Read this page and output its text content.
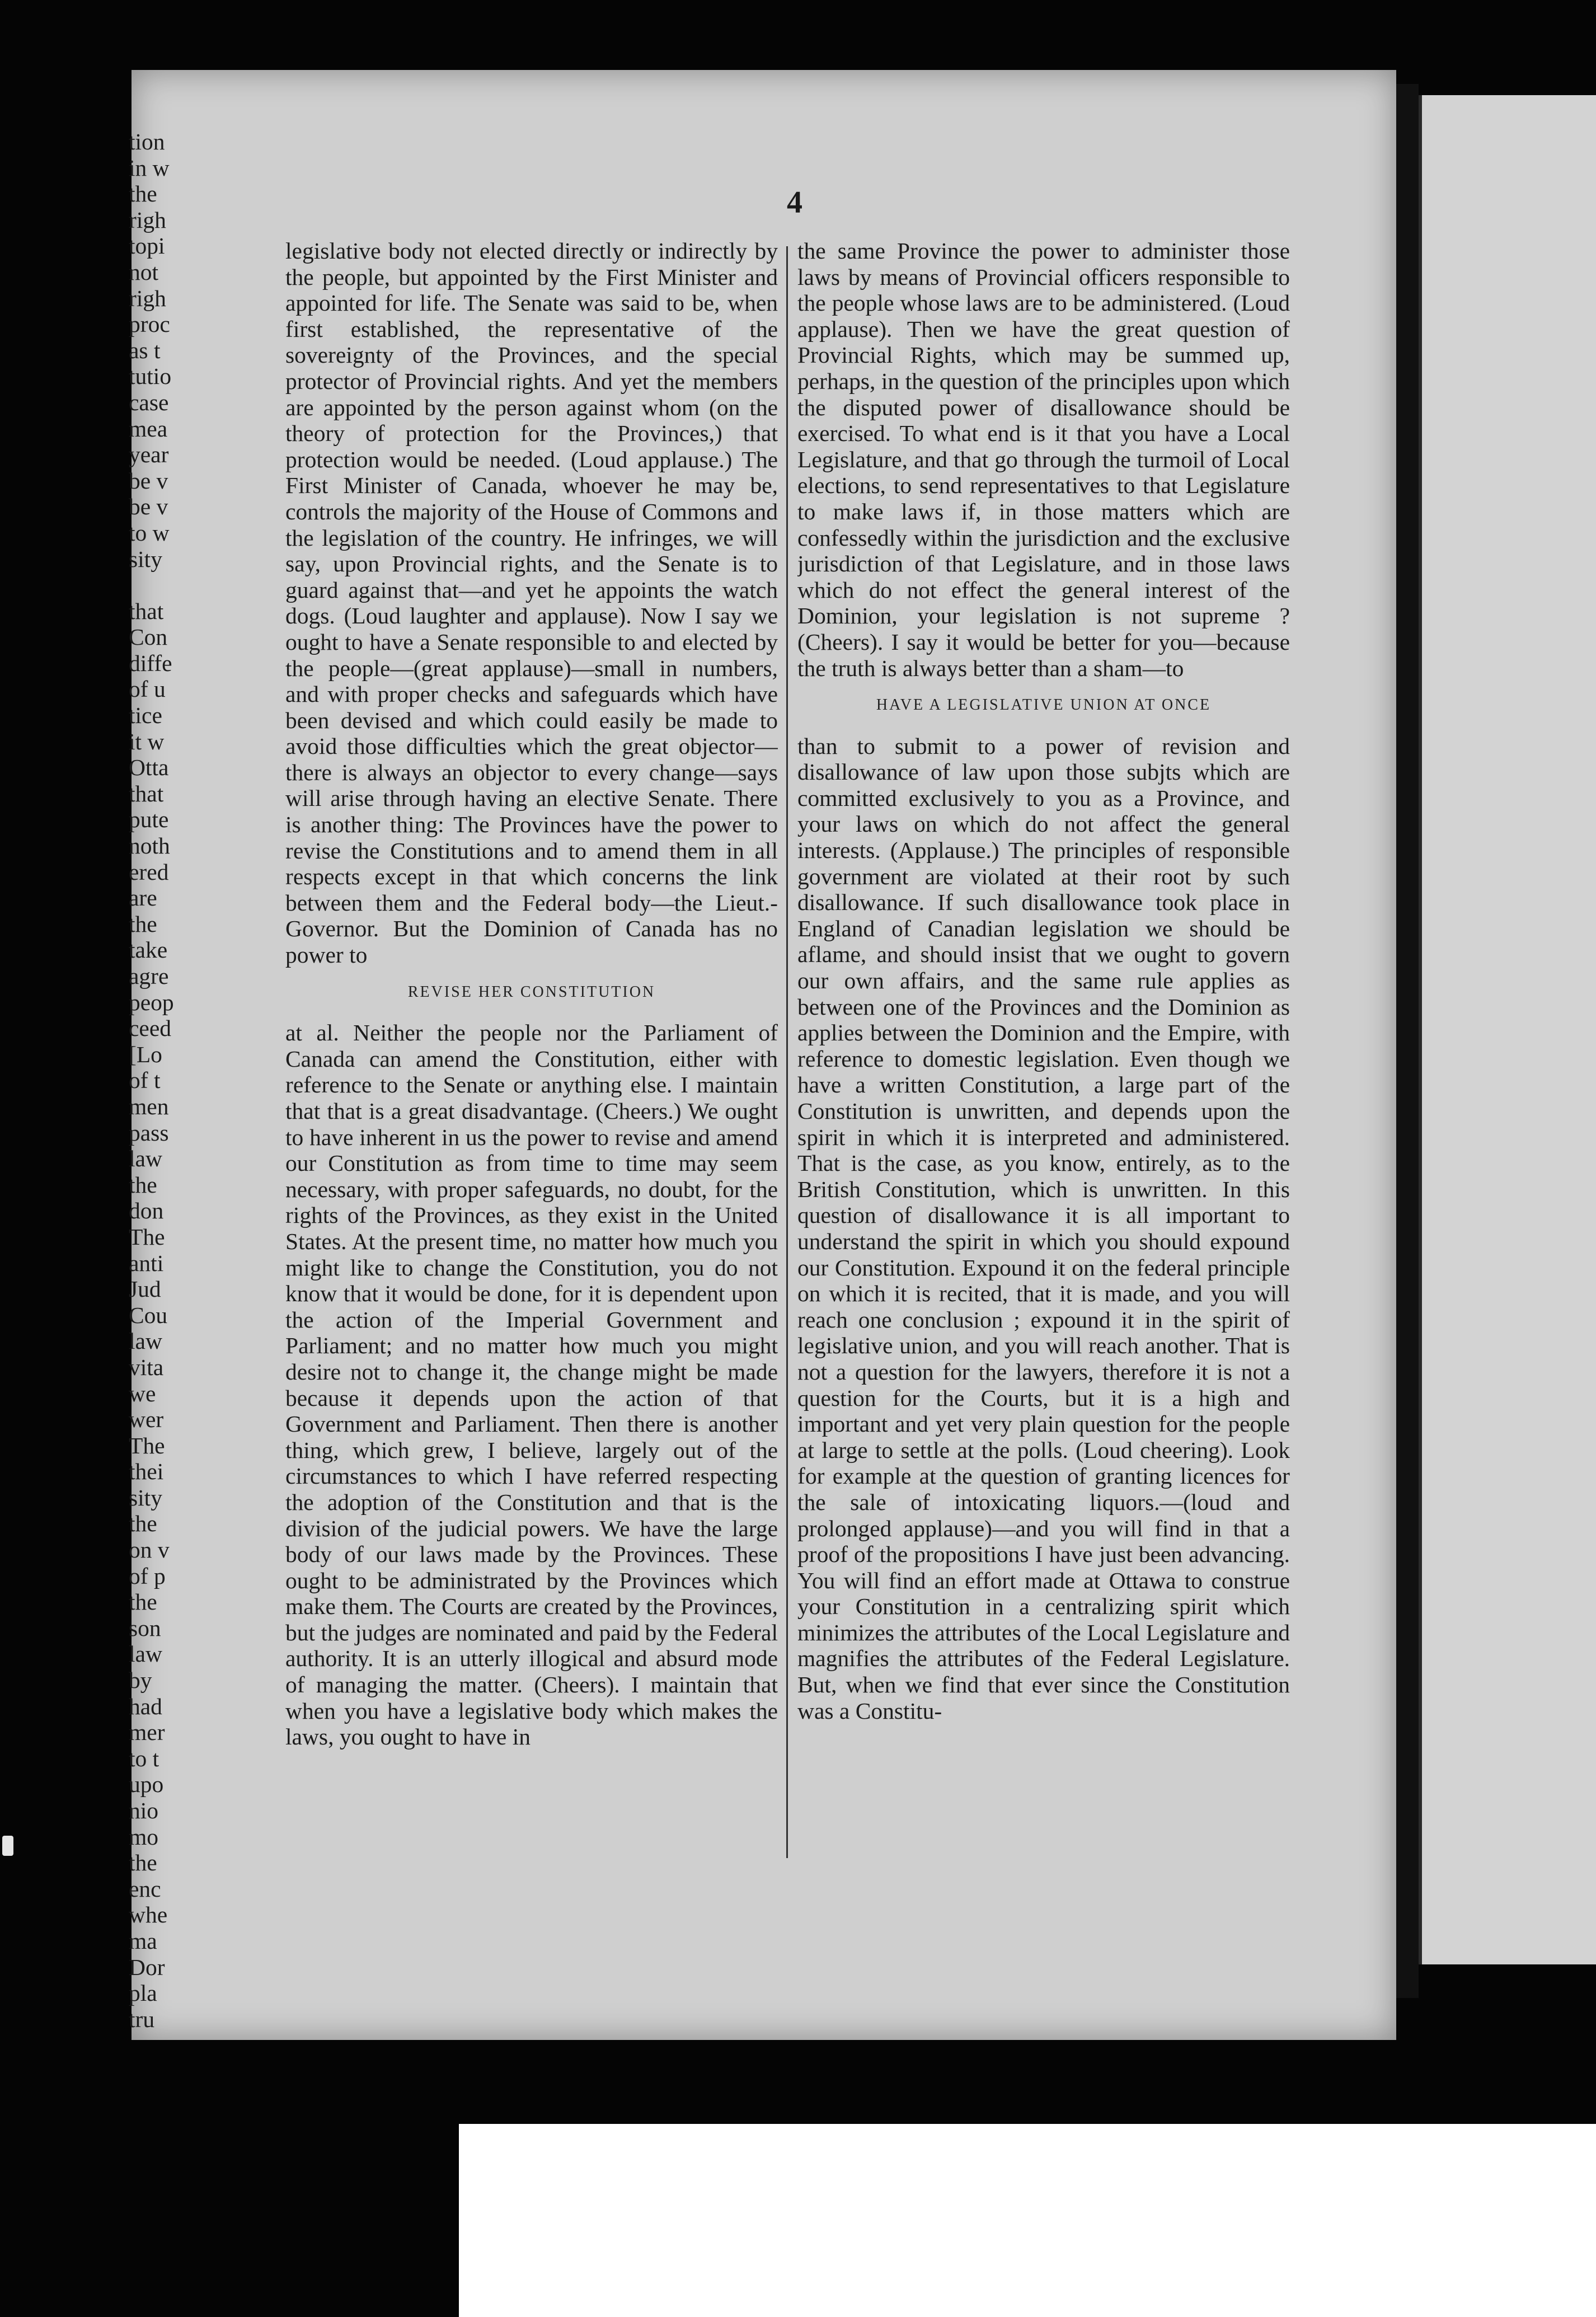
4

legislative body not elected directly or indirectly by the people, but appointed by the First Minister and appointed for life. The Senate was said to be, when first established, the representative of the sovereignty of the Provinces, and the special protector of Provincial rights. And yet the members are appointed by the person against whom (on the theory of protection for the Provinces,) that protection would be needed. (Loud applause.) The First Minister of Canada, whoever he may be, controls the majority of the House of Commons and the legislation of the country. He infringes, we will say, upon Provincial rights, and the Senate is to guard against that—and yet he appoints the watch dogs. (Loud laughter and applause). Now I say we ought to have a Senate responsible to and elected by the people—(great applause)—small in numbers, and with proper checks and safeguards which have been devised and which could easily be made to avoid those difficulties which the great objector—there is always an objector to every change—says will arise through having an elective Senate. There is another thing: The Provinces have the power to revise the Constitutions and to amend them in all respects except in that which concerns the link between them and the Federal body—the Lieut.-Governor. But the Dominion of Canada has no power to

REVISE HER CONSTITUTION

at al. Neither the people nor the Parliament of Canada can amend the Constitution, either with reference to the Senate or anything else. I maintain that that is a great disadvantage. (Cheers.) We ought to have inherent in us the power to revise and amend our Constitution as from time to time may seem necessary, with proper safeguards, no doubt, for the rights of the Provinces, as they exist in the United States. At the present time, no matter how much you might like to change the Constitution, you do not know that it would be done, for it is dependent upon the action of the Imperial Government and Parliament; and no matter how much you might desire not to change it, the change might be made because it depends upon the action of that Government and Parliament. Then there is another thing, which grew, I believe, largely out of the circumstances to which I have referred respecting the adoption of the Constitution and that is the division of the judicial powers. We have the large body of our laws made by the Provinces. These ought to be administrated by the Provinces which make them. The Courts are created by the Provinces, but the judges are nominated and paid by the Federal authority. It is an utterly illogical and absurd mode of managing the matter. (Cheers). I maintain that when you have a legislative body which makes the laws, you ought to have in

the same Province the power to administer those laws by means of Provincial officers responsible to the people whose laws are to be administered. (Loud applause). Then we have the great question of Provincial Rights, which may be summed up, perhaps, in the question of the principles upon which the disputed power of disallowance should be exercised. To what end is it that you have a Local Legislature, and that go through the turmoil of Local elections, to send representatives to that Legislature to make laws if, in those matters which are confessedly within the jurisdiction and the exclusive jurisdiction of that Legislature, and in those laws which do not effect the general interest of the Dominion, your legislation is not supreme ? (Cheers). I say it would be better for you—because the truth is always better than a sham—to

HAVE A LEGISLATIVE UNION AT ONCE

than to submit to a power of revision and disallowance of law upon those subjts which are committed exclusively to you as a Province, and your laws on which do not affect the general interests. (Applause.) The principles of responsible government are violated at their root by such disallowance. If such disallowance took place in England of Canadian legislation we should be aflame, and should insist that we ought to govern our own affairs, and the same rule applies as between one of the Provinces and the Dominion as applies between the Dominion and the Empire, with reference to domestic legislation. Even though we have a written Constitution, a large part of the Constitution is unwritten, and depends upon the spirit in which it is interpreted and administered. That is the case, as you know, entirely, as to the British Constitution, which is unwritten. In this question of disallowance it is all important to understand the spirit in which you should expound our Constitution. Expound it on the federal principle on which it is recited, that it is made, and you will reach one conclusion ; expound it in the spirit of legislative union, and you will reach another. That is not a question for the lawyers, therefore it is not a question for the Courts, but it is a high and important and yet very plain question for the people at large to settle at the polls. (Loud cheering). Look for example at the question of granting licences for the sale of intoxicating liquors.—(loud and prolonged applause)—and you will find in that a proof of the propositions I have just been advancing. You will find an effort made at Ottawa to construe your Constitution in a centralizing spirit which minimizes the attributes of the Local Legislature and magnifies the attributes of the Federal Legislature. But, when we find that ever since the Constitution was a Constitu-

tion
in w
the
righ
topi
not
righ
proc
as t
tutio
case
mea
year
be v
be v
to w
sity
that
Con
diffe
of u
tice
it w
Otta
that
pute
noth
ered
are
the
take
agre
peop
ceed
[Lo
of t
men
pass
law
the
don
The
anti
Jud
Cou
law
vita
we
wer
The
thei
sity
the
on v
of p
the
son
law
by
had
mer
to t
upo
nio
mo
the
enc
whe
ma
Dor
pla
tru
